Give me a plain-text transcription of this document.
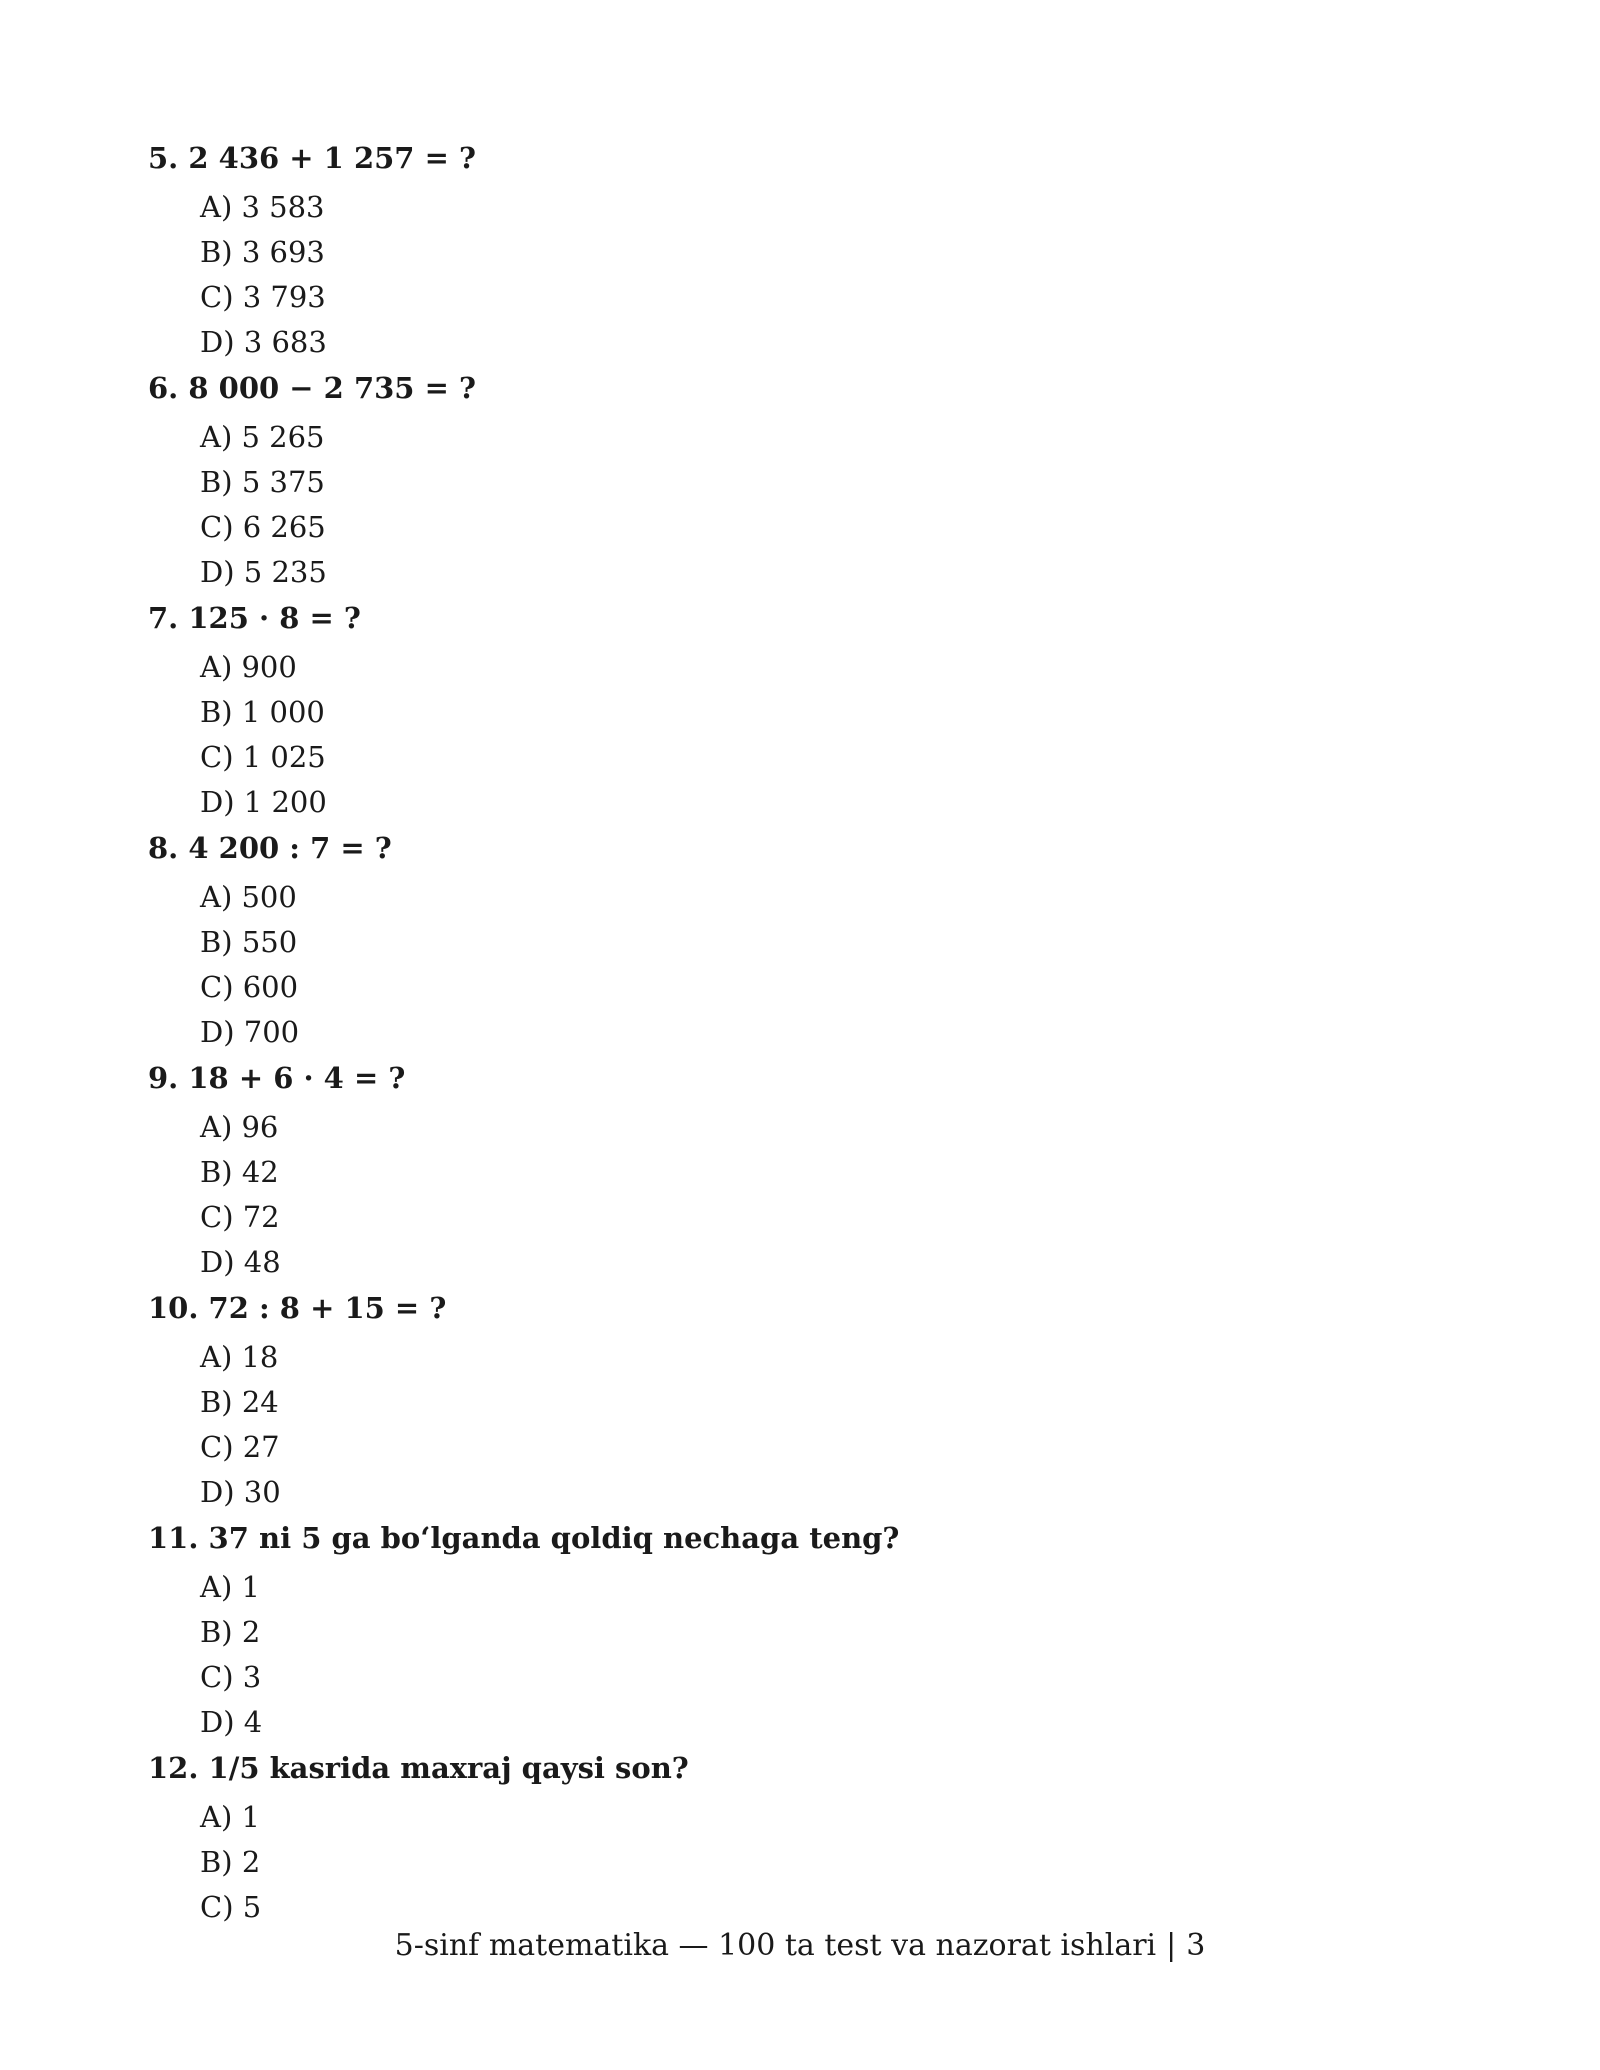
5. 2 436 + 1 257 = ?
A) 3 583
B) 3 693
C) 3 793
D) 3 683
6. 8 000 − 2 735 = ?
A) 5 265
B) 5 375
C) 6 265
D) 5 235
7. 125 · 8 = ?
A) 900
B) 1 000
C) 1 025
D) 1 200
8. 4 200 : 7 = ?
A) 500
B) 550
C) 600
D) 700
9. 18 + 6 · 4 = ?
A) 96
B) 42
C) 72
D) 48
10. 72 : 8 + 15 = ?
A) 18
B) 24
C) 27
D) 30
11. 37 ni 5 ga boʻlganda qoldiq nechaga teng?
A) 1
B) 2
C) 3
D) 4
12. 1/5 kasrida maxraj qaysi son?
A) 1
B) 2
C) 5
5-sinf matematika — 100 ta test va nazorat ishlari | 3
